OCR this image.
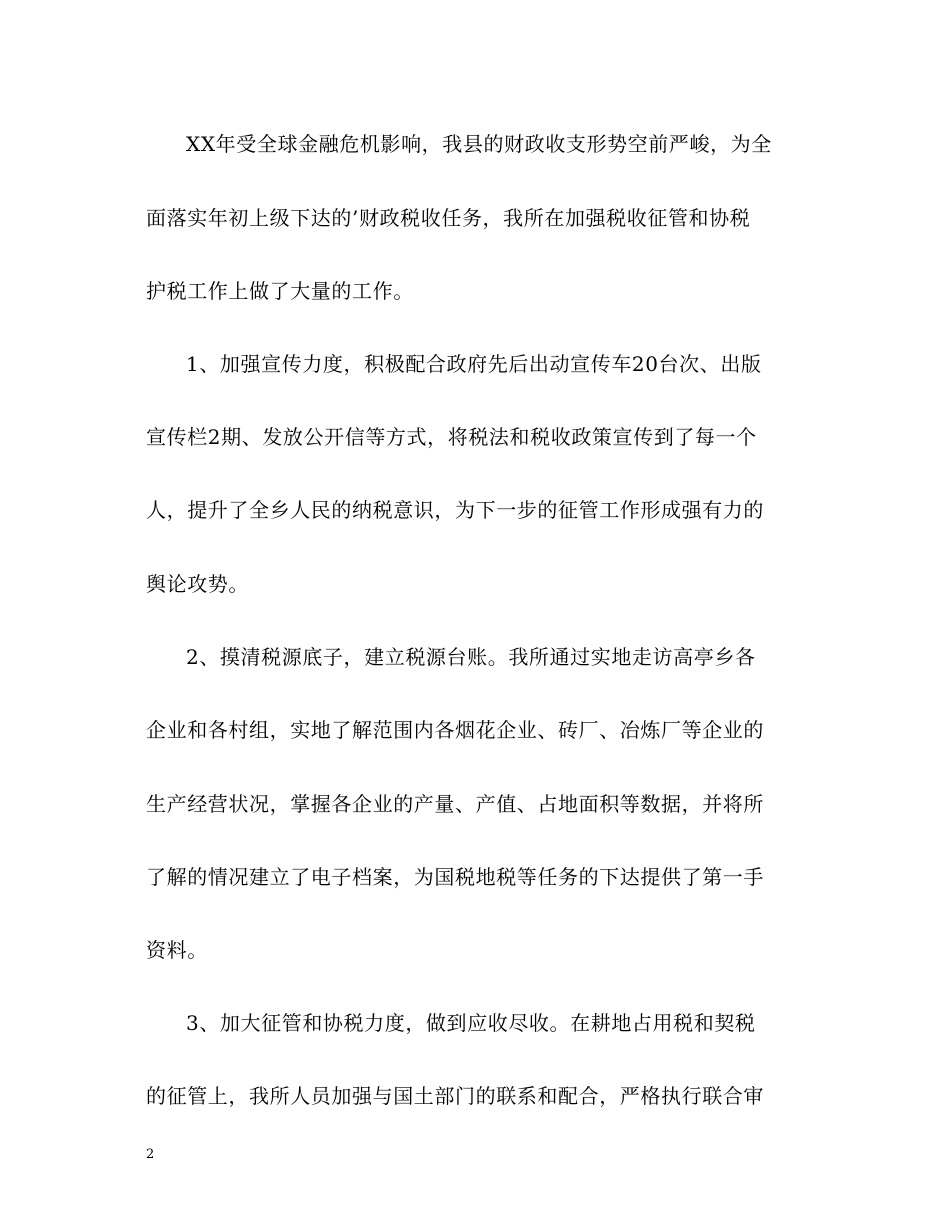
XX年受全球金融危机影响，我县的财政收支形势空前严峻，为全
面落实年初上级下达的’财政税收任务，我所在加强税收征管和协税
护税工作上做了大量的工作。
1、加强宣传力度，积极配合政府先后出动宣传车20台次、出版
宣传栏2期、发放公开信等方式，将税法和税收政策宣传到了每一个
人，提升了全乡人民的纳税意识，为下一步的征管工作形成强有力的
舆论攻势。
2、摸清税源底子，建立税源台账。我所通过实地走访高亭乡各
企业和各村组，实地了解范围内各烟花企业、砖厂、冶炼厂等企业的
生产经营状况，掌握各企业的产量、产值、占地面积等数据，并将所
了解的情况建立了电子档案，为国税地税等任务的下达提供了第一手
资料。
3、加大征管和协税力度，做到应收尽收。在耕地占用税和契税
的征管上，我所人员加强与国土部门的联系和配合，严格执行联合审
2
